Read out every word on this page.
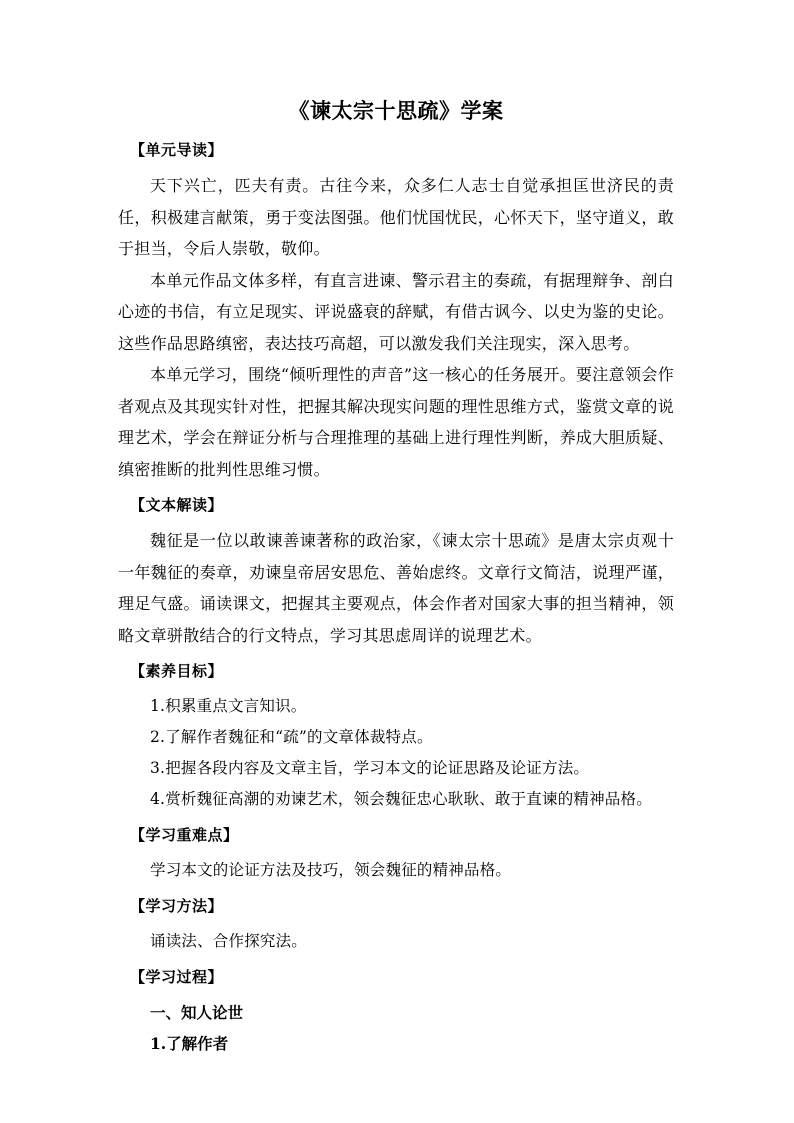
《谏太宗十思疏》学案
【单元导读】

天下兴亡，匹夫有责。古往今来，众多仁人志士自觉承担匡世济民的责任，积极建言献策，勇于变法图强。他们忧国忧民，心怀天下，坚守道义，敢于担当，令后人崇敬，敬仰。

本单元作品文体多样，有直言进谏、警示君主的奏疏，有据理辩争、剖白心迹的书信，有立足现实、评说盛衰的辞赋，有借古讽今、以史为鉴的史论。这些作品思路缜密，表达技巧高超，可以激发我们关注现实，深入思考。

本单元学习，围绕“倾听理性的声音”这一核心的任务展开。要注意领会作者观点及其现实针对性，把握其解决现实问题的理性思维方式，鉴赏文章的说理艺术，学会在辩证分析与合理推理的基础上进行理性判断，养成大胆质疑、缜密推断的批判性思维习惯。

【文本解读】

魏征是一位以敢谏善谏著称的政治家，《谏太宗十思疏》是唐太宗贞观十一年魏征的奏章，劝谏皇帝居安思危、善始虑终。文章行文简洁，说理严谨，理足气盛。诵读课文，把握其主要观点，体会作者对国家大事的担当精神，领略文章骈散结合的行文特点，学习其思虑周详的说理艺术。

【素养目标】
1.积累重点文言知识。
2.了解作者魏征和“疏”的文章体裁特点。
3.把握各段内容及文章主旨，学习本文的论证思路及论证方法。
4.赏析魏征高潮的劝谏艺术，领会魏征忠心耿耿、敢于直谏的精神品格。
【学习重难点】
学习本文的论证方法及技巧，领会魏征的精神品格。
【学习方法】
诵读法、合作探究法。
【学习过程】
一、知人论世
1.了解作者
